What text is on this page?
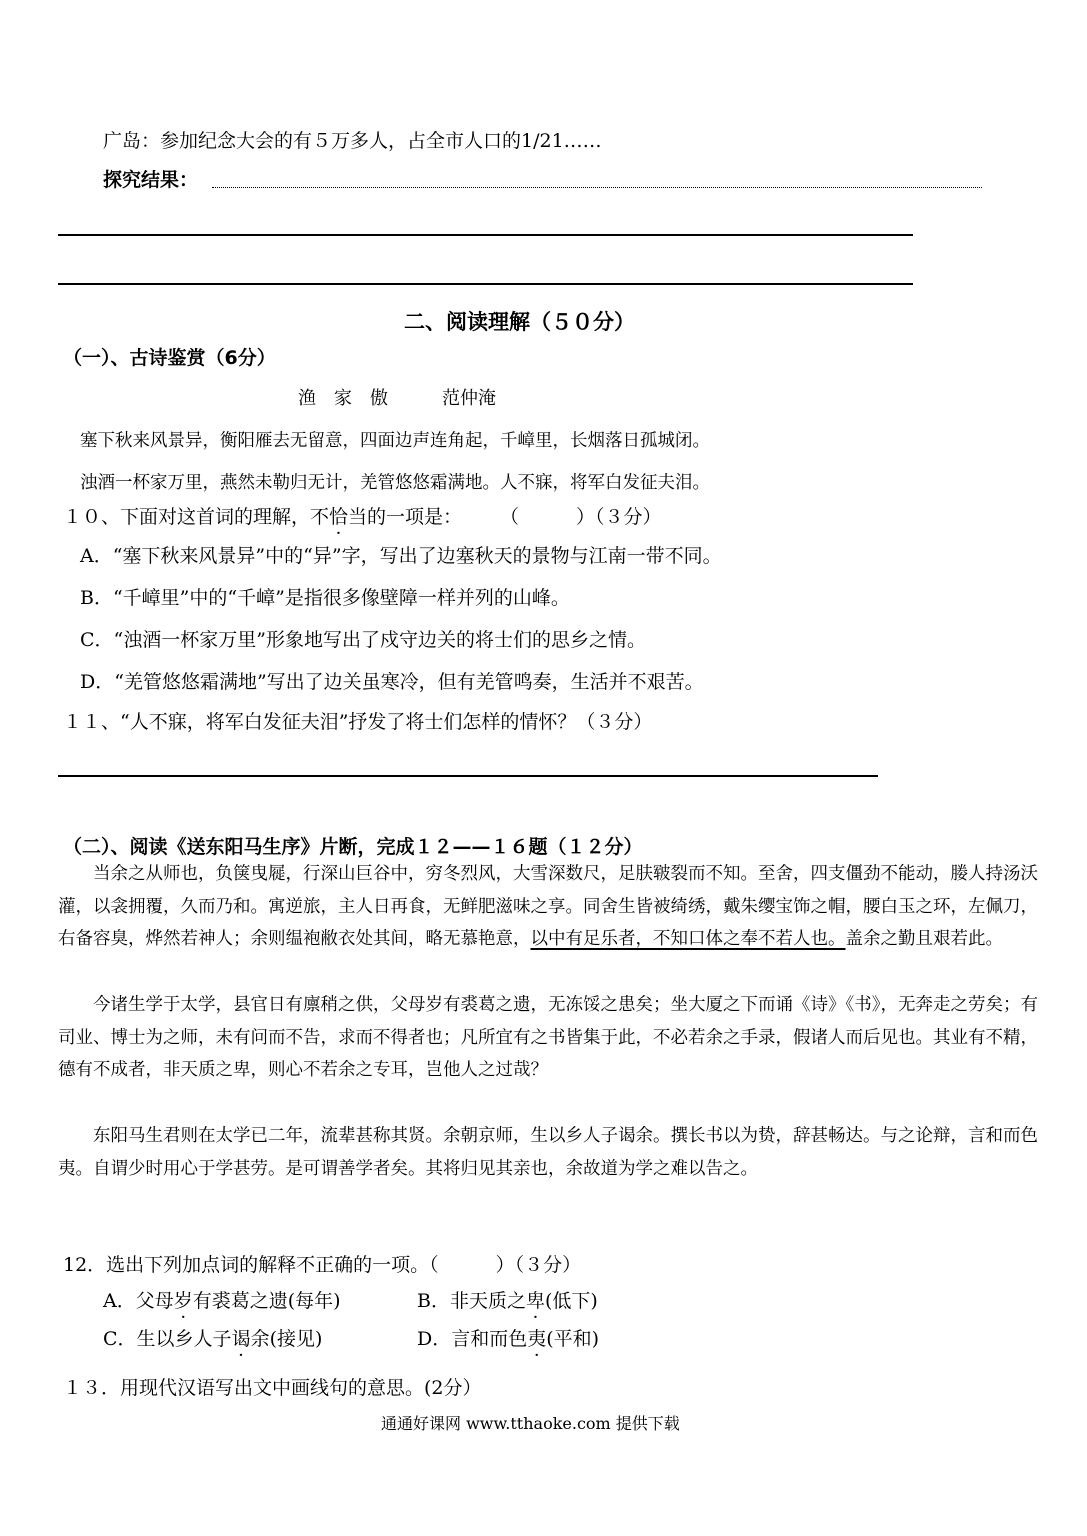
广岛：参加纪念大会的有５万多人，占全市人口的1/21……
探究结果：
二、阅读理解（５０分）
（一）、古诗鉴赏（6分）
渔　家　傲　　　范仲淹
塞下秋来风景异，衡阳雁去无留意，四面边声连角起，千嶂里，长烟落日孤城闭。
浊酒一杯家万里，燕然未勒归无计，羌管悠悠霜满地。人不寐，将军白发征夫泪。
１０、下面对这首词的理解，不恰当的一项是：　　　（　　　）（３分）
A．“塞下秋来风景异”中的“异”字，写出了边塞秋天的景物与江南一带不同。
B．“千嶂里”中的“千嶂”是指很多像壁障一样并列的山峰。
C．“浊酒一杯家万里”形象地写出了戍守边关的将士们的思乡之情。
D．“羌管悠悠霜满地”写出了边关虽寒冷，但有羌管鸣奏，生活并不艰苦。
１１、“人不寐，将军白发征夫泪”抒发了将士们怎样的情怀？（３分）
（二）、阅读《送东阳马生序》片断，完成１２——１６题（１２分）
　　当余之从师也，负箧曳屣，行深山巨谷中，穷冬烈风，大雪深数尺，足肤皲裂而不知。至舍，四支僵劲不能动，媵人持汤沃灌，以衾拥覆，久而乃和。寓逆旅，主人日再食，无鲜肥滋味之享。同舍生皆被绮绣，戴朱缨宝饰之帽，腰白玉之环，左佩刀，右备容臭，烨然若神人；余则缊袍敝衣处其间，略无慕艳意，以中有足乐者，不知口体之奉不若人也。盖余之勤且艰若此。
　　今诸生学于太学，县官日有廪稍之供，父母岁有裘葛之遗，无冻馁之患矣；坐大厦之下而诵《诗》《书》，无奔走之劳矣；有司业、博士为之师，未有问而不告，求而不得者也；凡所宜有之书皆集于此，不必若余之手录，假诸人而后见也。其业有不精，德有不成者，非天质之卑，则心不若余之专耳，岂他人之过哉？
　　东阳马生君则在太学已二年，流辈甚称其贤。余朝京师，生以乡人子谒余。撰长书以为贽，辞甚畅达。与之论辩，言和而色夷。自谓少时用心于学甚劳。是可谓善学者矣。其将归见其亲也，余故道为学之难以告之。
12．选出下列加点词的解释不正确的一项。（　　　）（３分）
A．父母岁有裘葛之遗(每年)	B．非天质之卑(低下)
C．生以乡人子谒余(接见)	D．言和而色夷(平和)
１３．用现代汉语写出文中画线句的意思。(2分）
通通好课网 www.tthaoke.com 提供下载
